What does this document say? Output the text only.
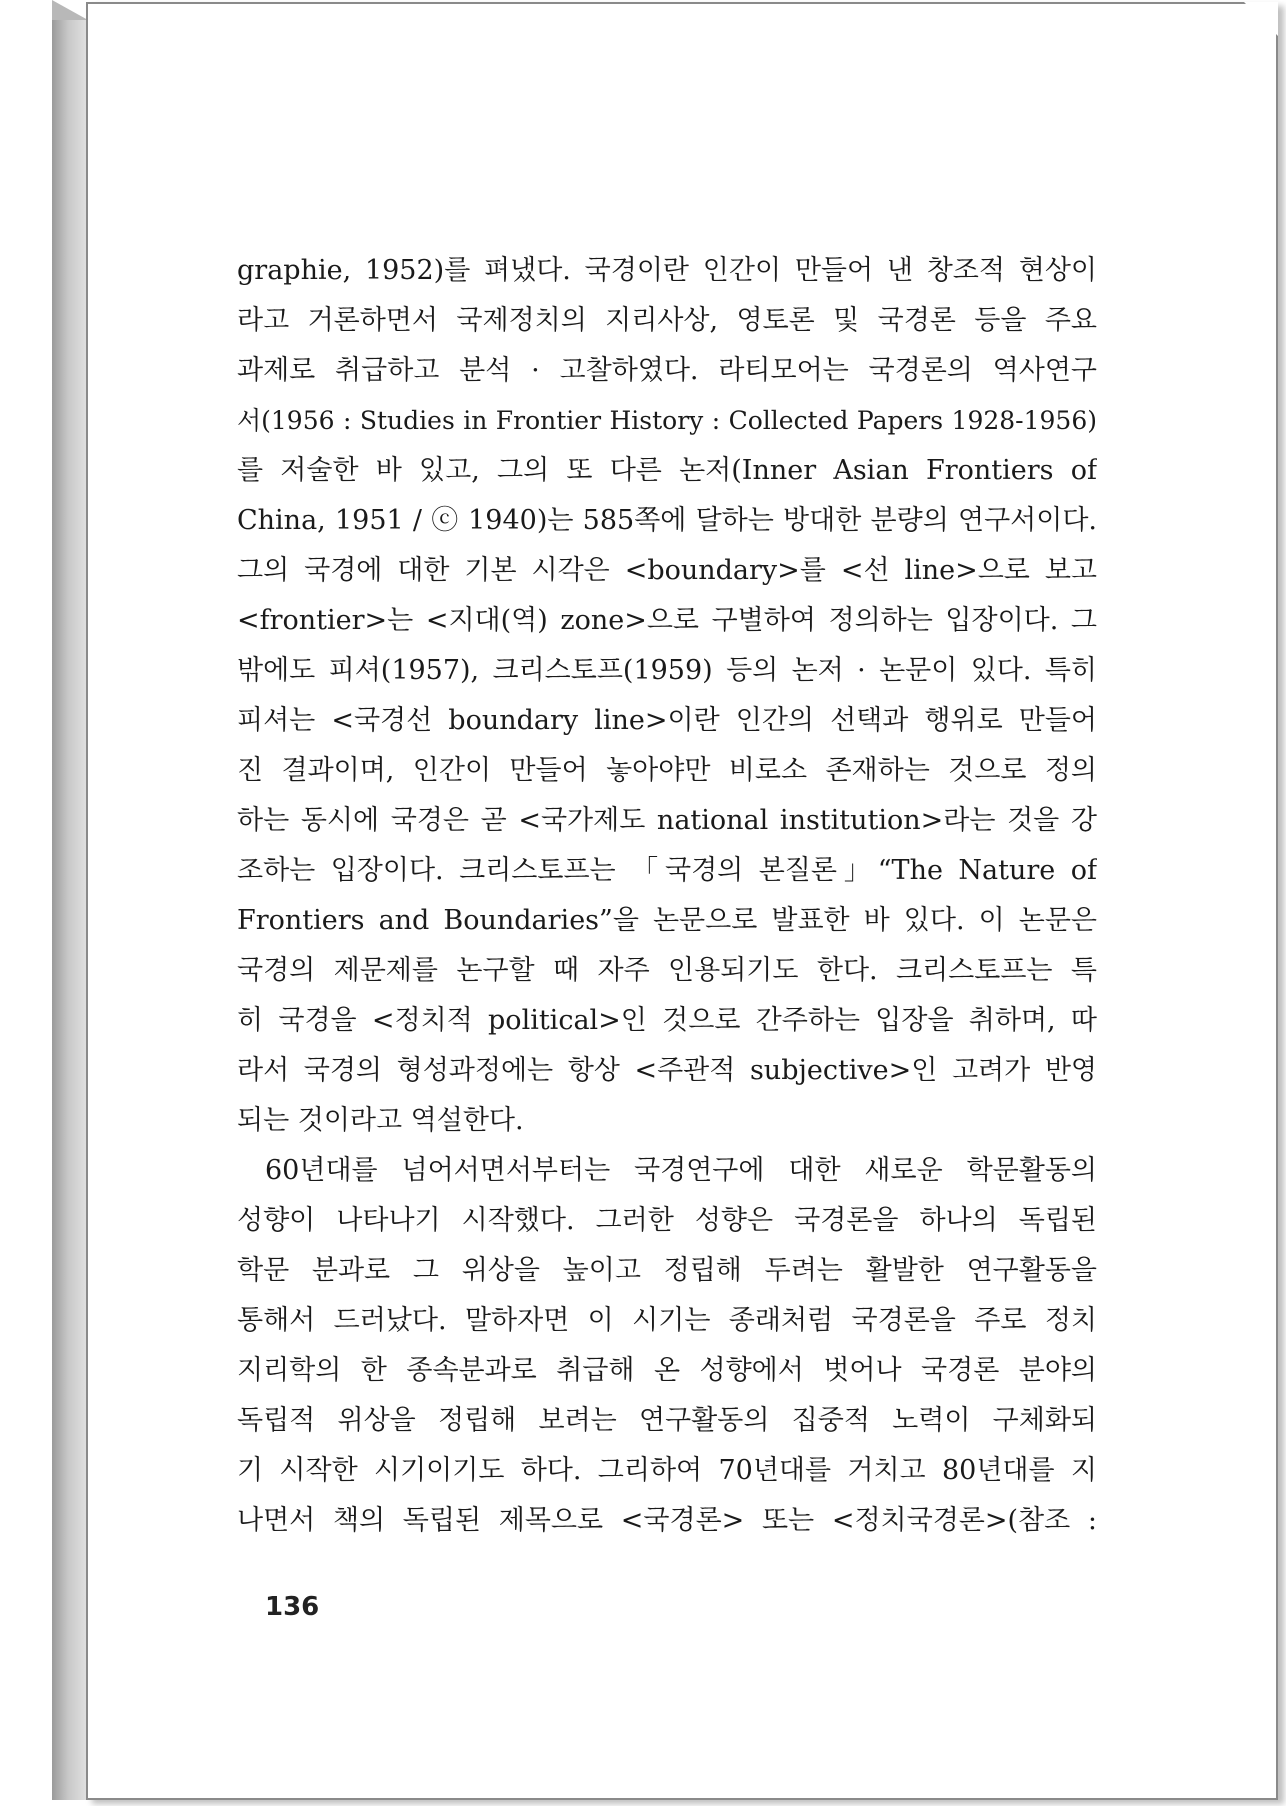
graphie, 1952)를 펴냈다. 국경이란 인간이 만들어 낸 창조적 현상이
라고 거론하면서 국제정치의 지리사상, 영토론 및 국경론 등을 주요
과제로 취급하고 분석 · 고찰하였다. 라티모어는 국경론의 역사연구
서(1956 : Studies in Frontier History : Collected Papers 1928-1956)
를 저술한 바 있고, 그의 또 다른 논저(Inner Asian Frontiers of
China, 1951 / ⓒ 1940)는 585쪽에 달하는 방대한 분량의 연구서이다.
그의 국경에 대한 기본 시각은 <boundary>를 <선 line>으로 보고
<frontier>는 <지대(역) zone>으로 구별하여 정의하는 입장이다. 그
밖에도 피셔(1957), 크리스토프(1959) 등의 논저 · 논문이 있다. 특히
피셔는 <국경선 boundary line>이란 인간의 선택과 행위로 만들어
진 결과이며, 인간이 만들어 놓아야만 비로소 존재하는 것으로 정의
하는 동시에 국경은 곧 <국가제도 national institution>라는 것을 강
조하는 입장이다. 크리스토프는 「국경의 본질론」“The Nature of
Frontiers and Boundaries”을 논문으로 발표한 바 있다. 이 논문은
국경의 제문제를 논구할 때 자주 인용되기도 한다. 크리스토프는 특
히 국경을 <정치적 political>인 것으로 간주하는 입장을 취하며, 따
라서 국경의 형성과정에는 항상 <주관적 subjective>인 고려가 반영
되는 것이라고 역설한다.
60년대를 넘어서면서부터는 국경연구에 대한 새로운 학문활동의
성향이 나타나기 시작했다. 그러한 성향은 국경론을 하나의 독립된
학문 분과로 그 위상을 높이고 정립해 두려는 활발한 연구활동을
통해서 드러났다. 말하자면 이 시기는 종래처럼 국경론을 주로 정치
지리학의 한 종속분과로 취급해 온 성향에서 벗어나 국경론 분야의
독립적 위상을 정립해 보려는 연구활동의 집중적 노력이 구체화되
기 시작한 시기이기도 하다. 그리하여 70년대를 거치고 80년대를 지
나면서 책의 독립된 제목으로 <국경론> 또는 <정치국경론>(참조 :
136
